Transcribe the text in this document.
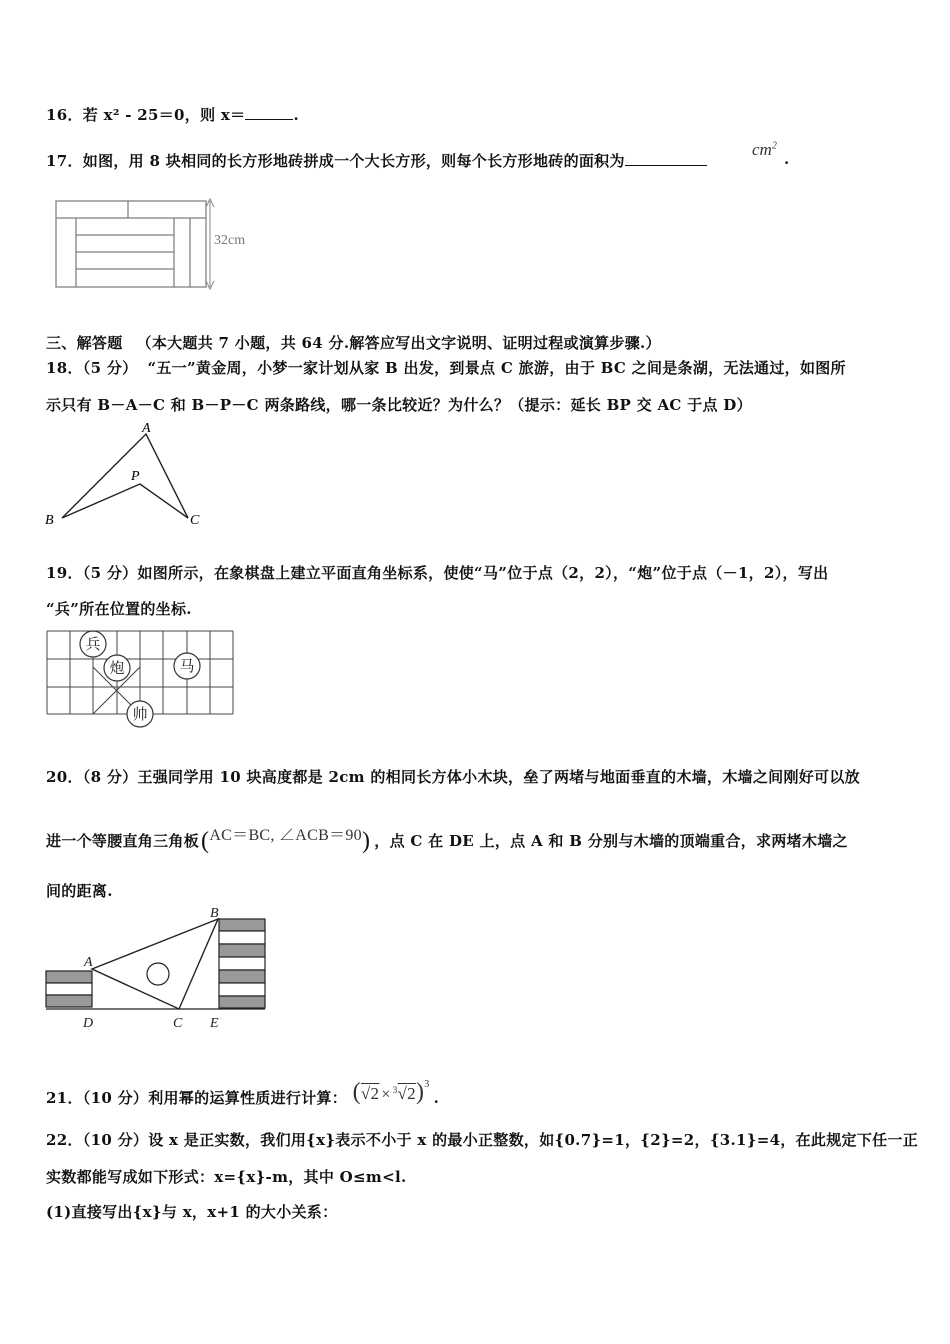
16．若 x² - 25＝0，则 x＝	.
17．如图，用 8 块相同的长方形地砖拼成一个大长方形，则每个长方形地砖的面积为
$cm^2$
.
32cm
三、解答题 （本大题共 7 小题，共 64 分.解答应写出文字说明、证明过程或演算步骤.）
18．（5 分） “五一”黄金周，小梦一家计划从家 B 出发，到景点 C 旅游，由于 BC 之间是条湖，无法通过，如图所
示只有 B－A－C 和 B－P－C 两条路线，哪一条比较近？为什么？（提示：延长 BP 交 AC 于点 D）
A
P
B	C
19．（5 分）如图所示，在象棋盘上建立平面直角坐标系，使使“马”位于点（2，2），“炮”位于点（－1，2），写出
“兵”所在位置的坐标.
兵
炮	马
帅
20．（8 分）王强同学用 10 块高度都是 2cm 的相同长方体小木块，垒了两堵与地面垂直的木墙，木墙之间刚好可以放
进一个等腰直角三角板(AC＝BC, ∠ACB＝90) ，点 C 在 DE 上，点 A 和 B 分别与木墙的顶端重合，求两堵木墙之
间的距离.
A
B
C
D	E
21．（10 分）利用幂的运算性质进行计算： $(√2 \times ^3√2)^3$ .
22．（10 分）设 x 是正实数，我们用{x}表示不小于 x 的最小正整数，如{0.7}=1，{2}=2，{3.1}=4，在此规定下任一正
实数都能写成如下形式：x={x}-m，其中 O≤m<l.
(1)直接写出{x}与 x，x+1 的大小关系：
